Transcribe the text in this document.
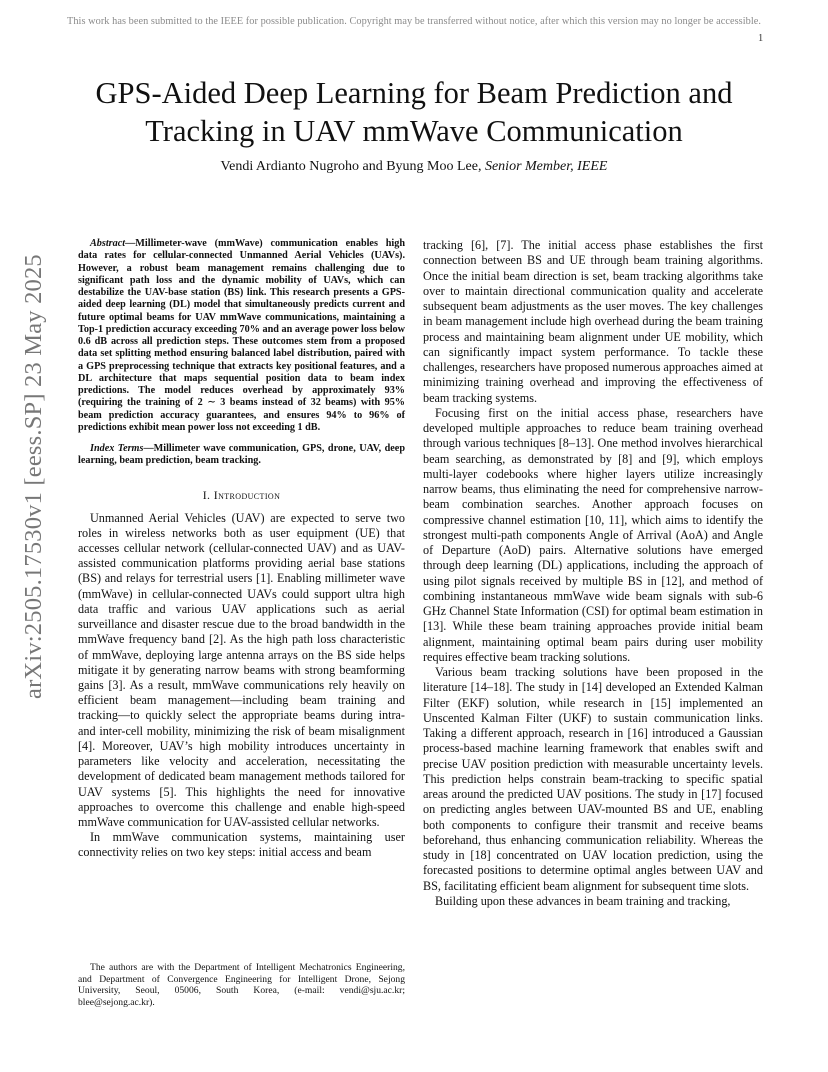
This work has been submitted to the IEEE for possible publication. Copyright may be transferred without notice, after which this version may no longer be accessible.
1
arXiv:2505.17530v1 [eess.SP] 23 May 2025
GPS-Aided Deep Learning for Beam Prediction and
Tracking in UAV mmWave Communication
Vendi Ardianto Nugroho and Byung Moo Lee, Senior Member, IEEE

Abstract—Millimeter-wave (mmWave) communication enables high data rates for cellular-connected Unmanned Aerial Vehicles (UAVs). However, a robust beam management remains challenging due to significant path loss and the dynamic mobility of UAVs, which can destabilize the UAV-base station (BS) link. This research presents a GPS-aided deep learning (DL) model that simultaneously predicts current and future optimal beams for UAV mmWave communications, maintaining a Top-1 prediction accuracy exceeding 70% and an average power loss below 0.6 dB across all prediction steps. These outcomes stem from a proposed data set splitting method ensuring balanced label distribution, paired with a GPS preprocessing technique that extracts key positional features, and a DL architecture that maps sequential position data to beam index predictions. The model reduces overhead by approximately 93% (requiring the training of 2 ∼ 3 beams instead of 32 beams) with 95% beam prediction accuracy guarantees, and ensures 94% to 96% of predictions exhibit mean power loss not exceeding 1 dB.

Index Terms—Millimeter wave communication, GPS, drone, UAV, deep learning, beam prediction, beam tracking.

I. Introduction

Unmanned Aerial Vehicles (UAV) are expected to serve two roles in wireless networks both as user equipment (UE) that accesses cellular network (cellular-connected UAV) and as UAV-assisted communication platforms providing aerial base stations (BS) and relays for terrestrial users [1]. Enabling millimeter wave (mmWave) in cellular-connected UAVs could support ultra high data traffic and various UAV applications such as aerial surveillance and disaster rescue due to the broad bandwidth in the mmWave frequency band [2]. As the high path loss characteristic of mmWave, deploying large antenna arrays on the BS side helps mitigate it by generating narrow beams with strong beamforming gains [3]. As a result, mmWave communications rely heavily on efficient beam management—including beam training and tracking—to quickly select the appropriate beams during intra- and inter-cell mobility, minimizing the risk of beam misalignment [4]. Moreover, UAV’s high mobility introduces uncertainty in parameters like velocity and acceleration, necessitating the development of dedicated beam management methods tailored for UAV systems [5]. This highlights the need for innovative approaches to overcome this challenge and enable high-speed mmWave communication for UAV-assisted cellular networks.

In mmWave communication systems, maintaining user connectivity relies on two key steps: initial access and beam

The authors are with the Department of Intelligent Mechatronics Engineering, and Department of Convergence Engineering for Intelligent Drone, Sejong University, Seoul, 05006, South Korea, (e-mail: vendi@sju.ac.kr; blee@sejong.ac.kr).

tracking [6], [7]. The initial access phase establishes the first connection between BS and UE through beam training algorithms. Once the initial beam direction is set, beam tracking algorithms take over to maintain directional communication quality and accelerate subsequent beam adjustments as the user moves. The key challenges in beam management include high overhead during the beam training process and maintaining beam alignment under UE mobility, which can significantly impact system performance. To tackle these challenges, researchers have proposed numerous approaches aimed at minimizing training overhead and improving the effectiveness of beam tracking systems.

Focusing first on the initial access phase, researchers have developed multiple approaches to reduce beam training overhead through various techniques [8–13]. One method involves hierarchical beam searching, as demonstrated by [8] and [9], which employs multi-layer codebooks where higher layers utilize increasingly narrow beams, thus eliminating the need for comprehensive narrow-beam combination searches. Another approach focuses on compressive channel estimation [10, 11], which aims to identify the strongest multi-path components Angle of Arrival (AoA) and Angle of Departure (AoD) pairs. Alternative solutions have emerged through deep learning (DL) applications, including the approach of using pilot signals received by multiple BS in [12], and method of combining instantaneous mmWave wide beam signals with sub-6 GHz Channel State Information (CSI) for optimal beam estimation in [13]. While these beam training approaches provide initial beam alignment, maintaining optimal beam pairs during user mobility requires effective beam tracking solutions.

Various beam tracking solutions have been proposed in the literature [14–18]. The study in [14] developed an Extended Kalman Filter (EKF) solution, while research in [15] implemented an Unscented Kalman Filter (UKF) to sustain communication links. Taking a different approach, research in [16] introduced a Gaussian process-based machine learning framework that enables swift and precise UAV position prediction with measurable uncertainty levels. This prediction helps constrain beam-tracking to specific spatial areas around the predicted UAV positions. The study in [17] focused on predicting angles between UAV-mounted BS and UE, enabling both components to configure their transmit and receive beams beforehand, thus enhancing communication reliability. Whereas the study in [18] concentrated on UAV location prediction, using the forecasted positions to determine optimal angles between UAV and BS, facilitating efficient beam alignment for subsequent time slots.

Building upon these advances in beam training and tracking,
